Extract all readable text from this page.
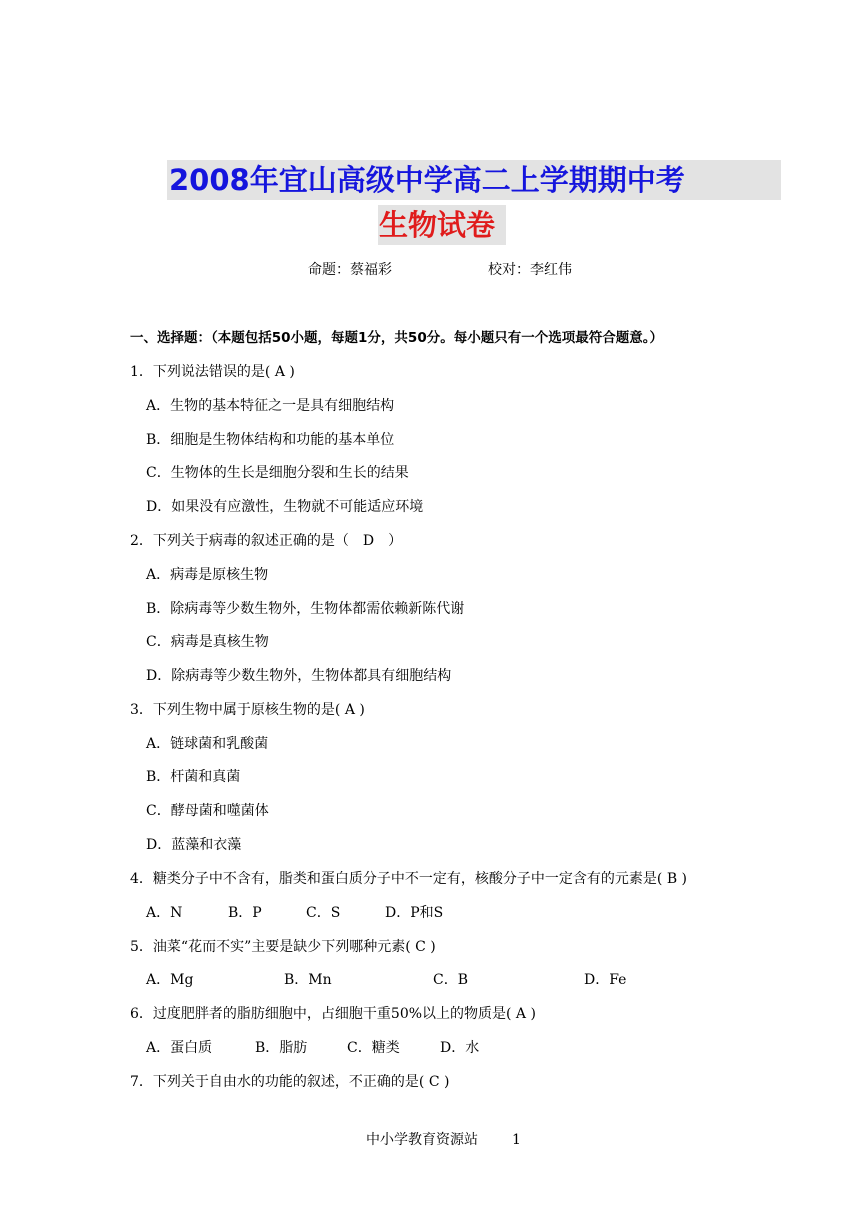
2008年宜山高级中学高二上学期期中考
生物试卷
命题：蔡福彩	校对：李红伟
一、选择题：（本题包括50小题，每题1分，共50分。每小题只有一个选项最符合题意。）
1．下列说法错误的是( A )
A．生物的基本特征之一是具有细胞结构
B．细胞是生物体结构和功能的基本单位
C．生物体的生长是细胞分裂和生长的结果
D．如果没有应激性，生物就不可能适应环境
2．下列关于病毒的叙述正确的是（　D　）
A．病毒是原核生物
B．除病毒等少数生物外，生物体都需依赖新陈代谢
C．病毒是真核生物
D．除病毒等少数生物外，生物体都具有细胞结构
3．下列生物中属于原核生物的是( A )
A．链球菌和乳酸菌
B．杆菌和真菌
C．酵母菌和噬菌体
D．蓝藻和衣藻
4．糖类分子中不含有，脂类和蛋白质分子中不一定有，核酸分子中一定含有的元素是( B )
A．N	B．P	C．S	D．P和S
5．油菜“花而不实”主要是缺少下列哪种元素( C )
A．Mg	B．Mn	C．B	D．Fe
6．过度肥胖者的脂肪细胞中，占细胞干重50%以上的物质是( A )
A．蛋白质	B．脂肪	C．糖类	D．水
7．下列关于自由水的功能的叙述，不正确的是( C )
中小学教育资源站 1
